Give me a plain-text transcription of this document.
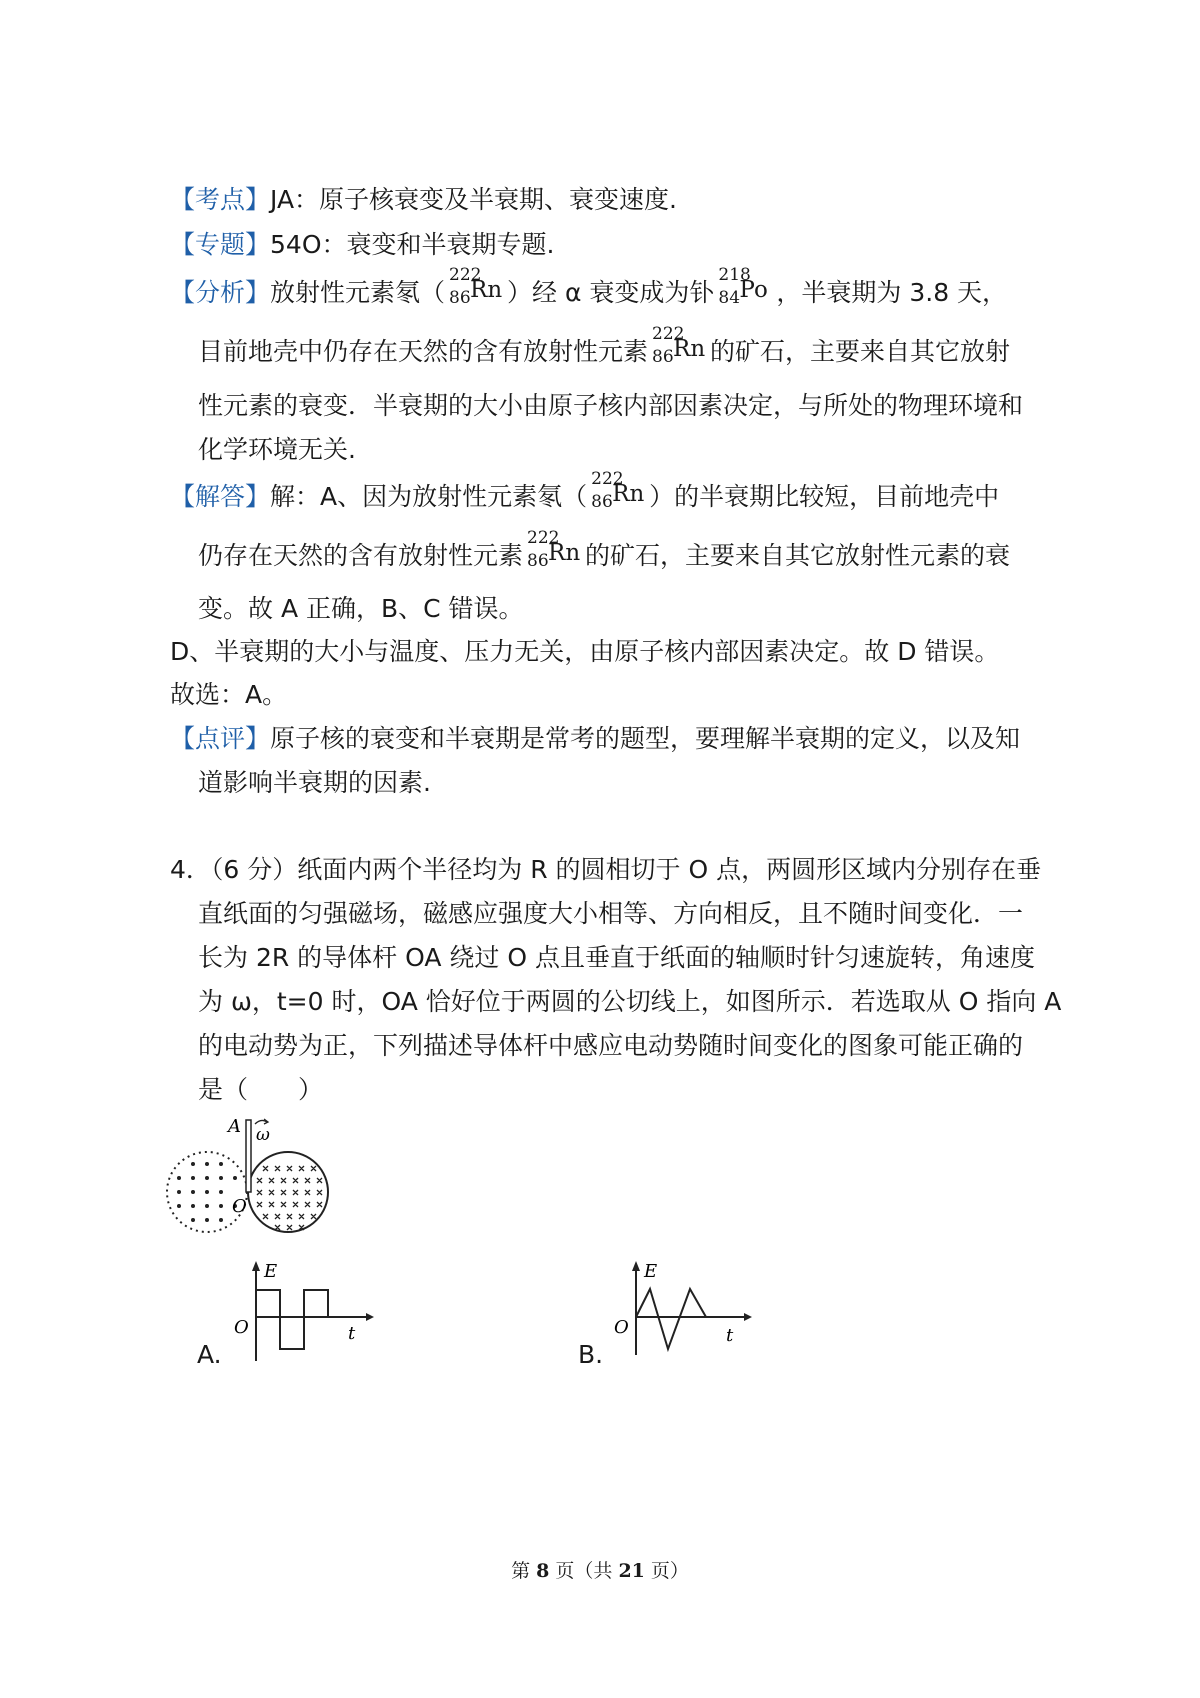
【考点】JA：原子核衰变及半衰期、衰变速度.
【专题】54O：衰变和半衰期专题.
【分析】放射性元素氡（
222
86 Rn ）经 α 衰变成为钋
218
84 Po ，半衰期为 3.8 天，
目前地壳中仍存在天然的含有放射性元素
222
86 Rn 的矿石，主要来自其它放射
性元素的衰变．半衰期的大小由原子核内部因素决定，与所处的物理环境和
化学环境无关.
【解答】解：A、因为放射性元素氡（
222
86 Rn ）的半衰期比较短，目前地壳中
仍存在天然的含有放射性元素
222
86 Rn 的矿石，主要来自其它放射性元素的衰
变。故 A 正确，B、C 错误。
D、半衰期的大小与温度、压力无关，由原子核内部因素决定。故 D 错误。
故选：A。
【点评】原子核的衰变和半衰期是常考的题型，要理解半衰期的定义，以及知
道影响半衰期的因素.
4．（6 分）纸面内两个半径均为 R 的圆相切于 O 点，两圆形区域内分别存在垂
直纸面的匀强磁场，磁感应强度大小相等、方向相反，且不随时间变化．一
长为 2R 的导体杆 OA 绕过 O 点且垂直于纸面的轴顺时针匀速旋转，角速度
为 ω，t=0 时，OA 恰好位于两圆的公切线上，如图所示．若选取从 O 指向 A
的电动势为正，下列描述导体杆中感应电动势随时间变化的图象可能正确的
是（　　）
A ω
O
A.
E
O	t
B.
E
O	t
第 8 页（共 21 页）
